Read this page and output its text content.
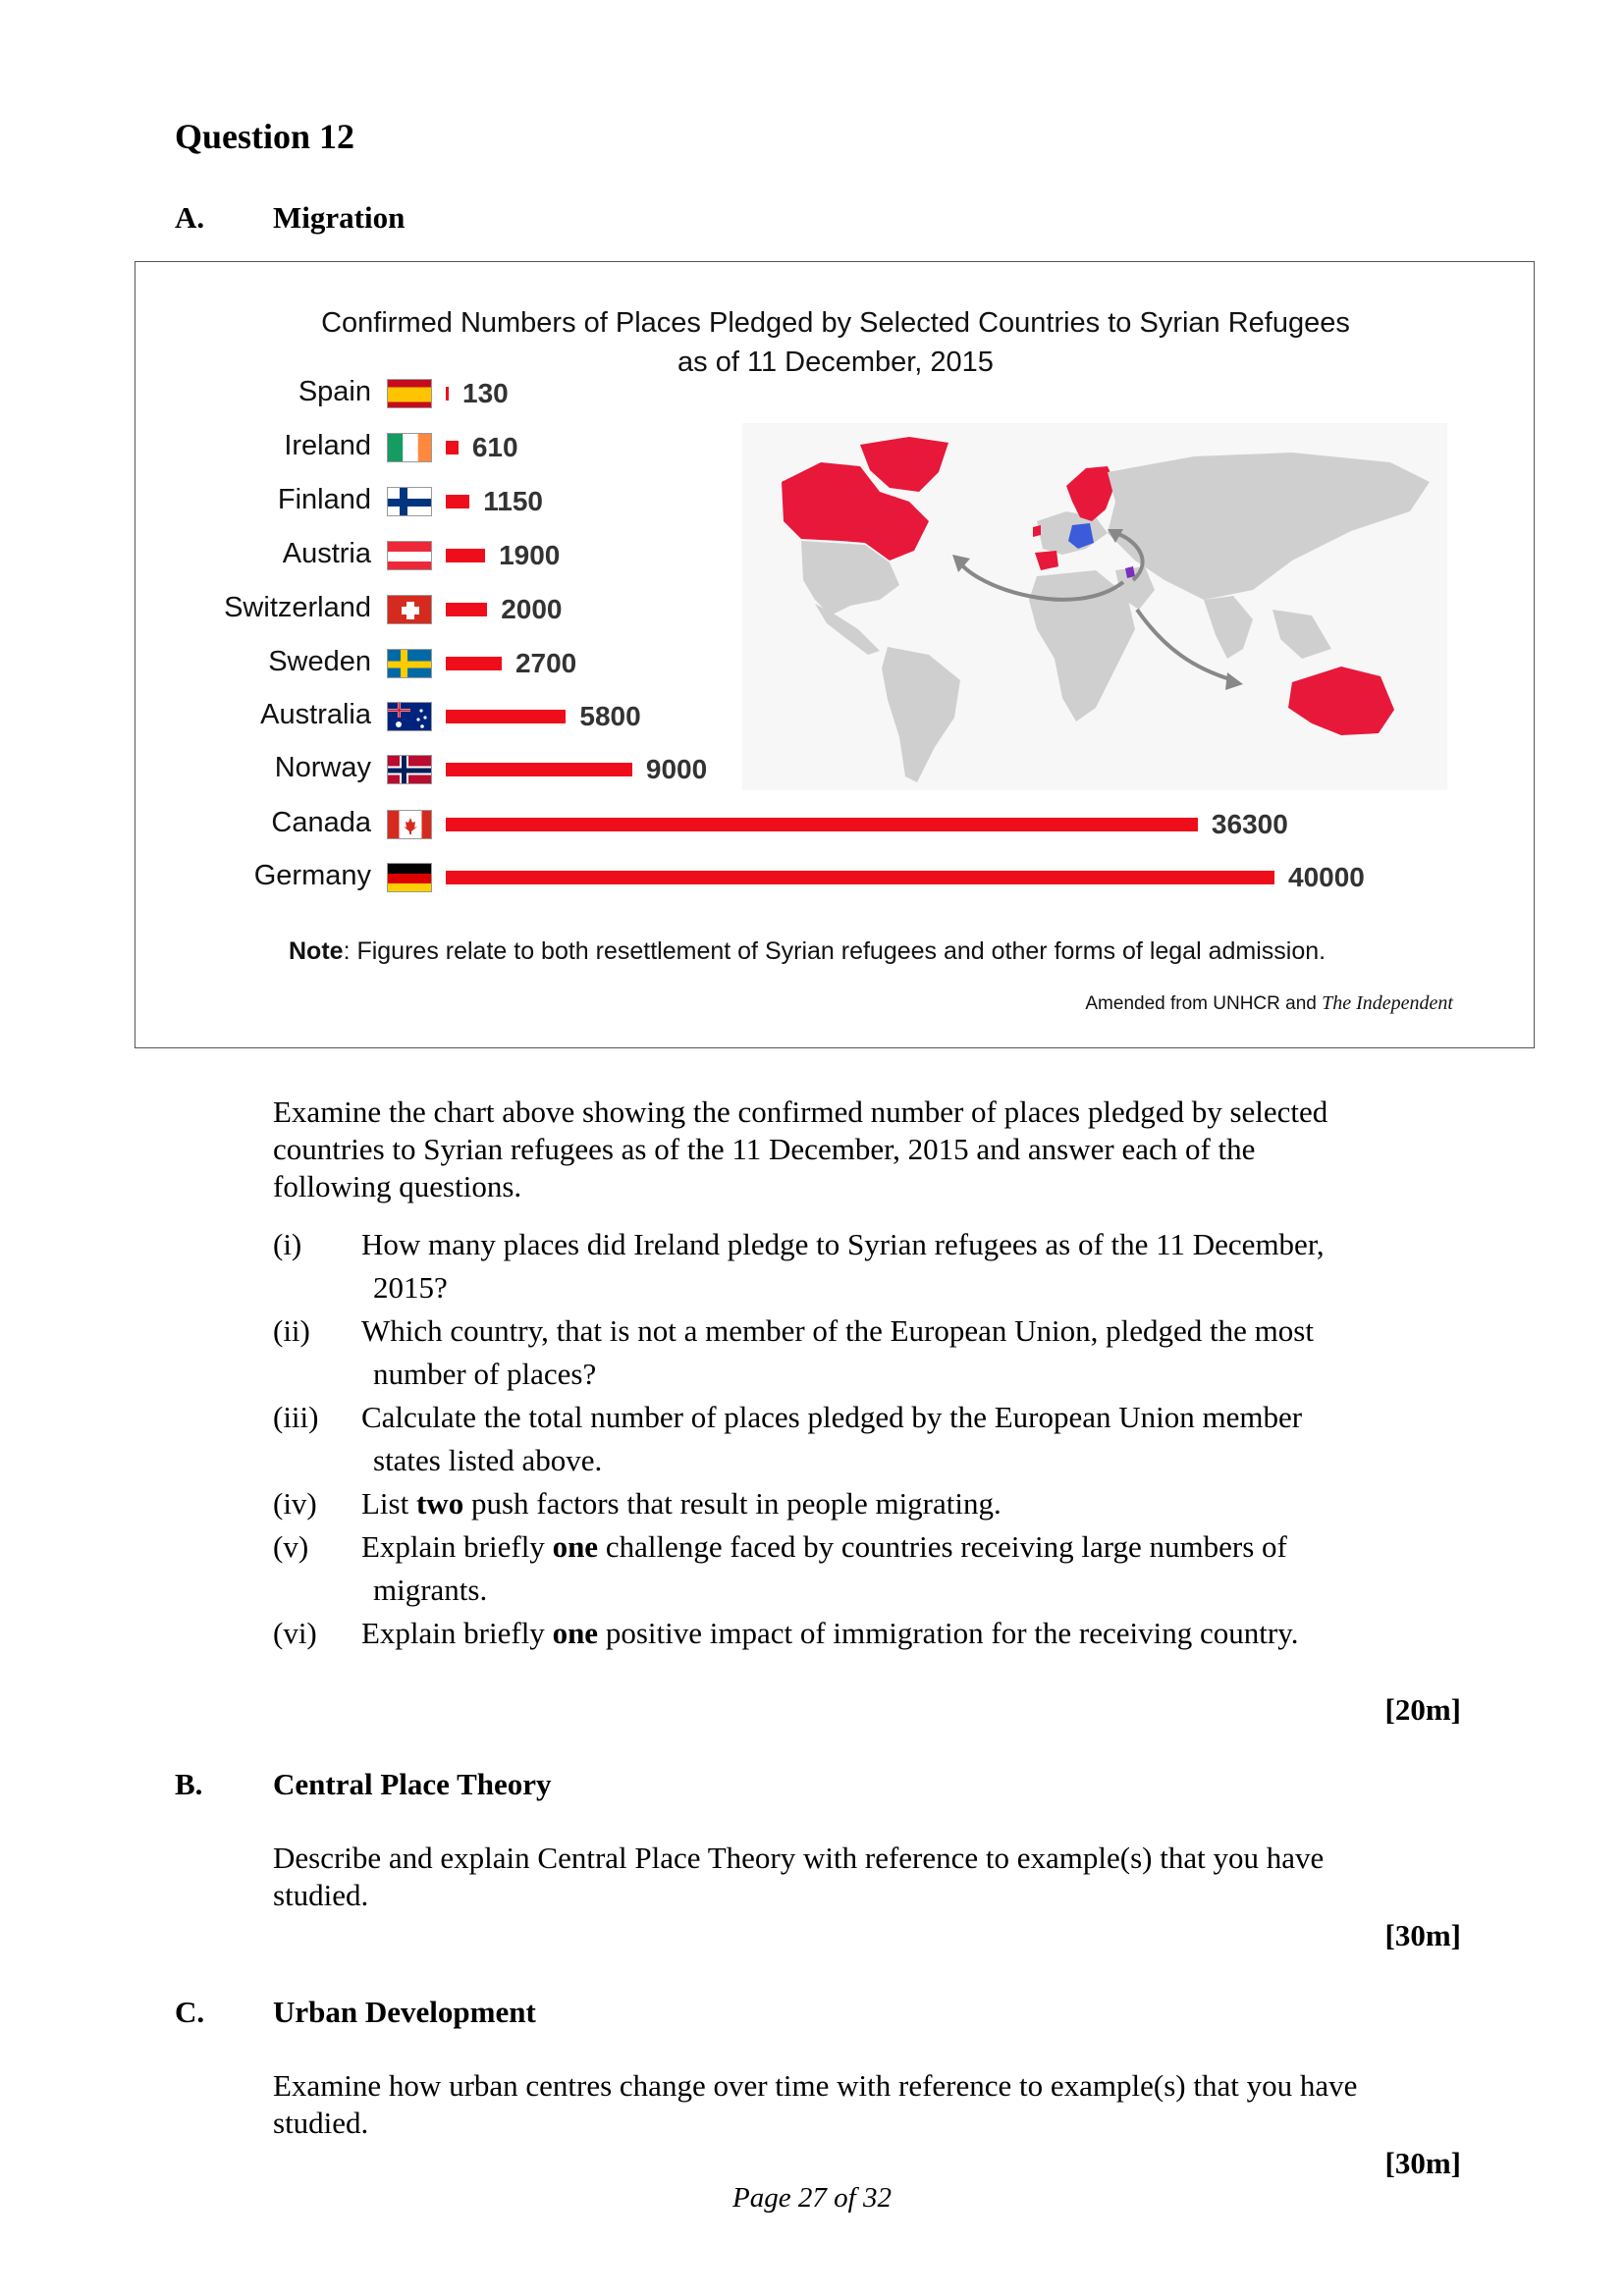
Question 12
A. Migration
Confirmed Numbers of Places Pledged by Selected Countries to Syrian Refugees
as of 11 December, 2015
Spain	130
Ireland	610
Finland	1150
Austria	1900
Switzerland	2000
Sweden	2700
Australia	5800
Norway	9000
Canada	36300
Germany	40000
Note: Figures relate to both resettlement of Syrian refugees and other forms of legal admission.
Amended from UNHCR and The Independent
Examine the chart above showing the confirmed number of places pledged by selected
countries to Syrian refugees as of the 11 December, 2015 and answer each of the
following questions.
(i) How many places did Ireland pledge to Syrian refugees as of the 11 December,
2015?
(ii) Which country, that is not a member of the European Union, pledged the most
number of places?
(iii) Calculate the total number of places pledged by the European Union member
states listed above.
(iv) List two push factors that result in people migrating.
(v) Explain briefly one challenge faced by countries receiving large numbers of
migrants.
(vi) Explain briefly one positive impact of immigration for the receiving country.
[20m]
B. Central Place Theory
Describe and explain Central Place Theory with reference to example(s) that you have
studied.
[30m]
C. Urban Development
Examine how urban centres change over time with reference to example(s) that you have
studied.
[30m]
Page 27 of 32
